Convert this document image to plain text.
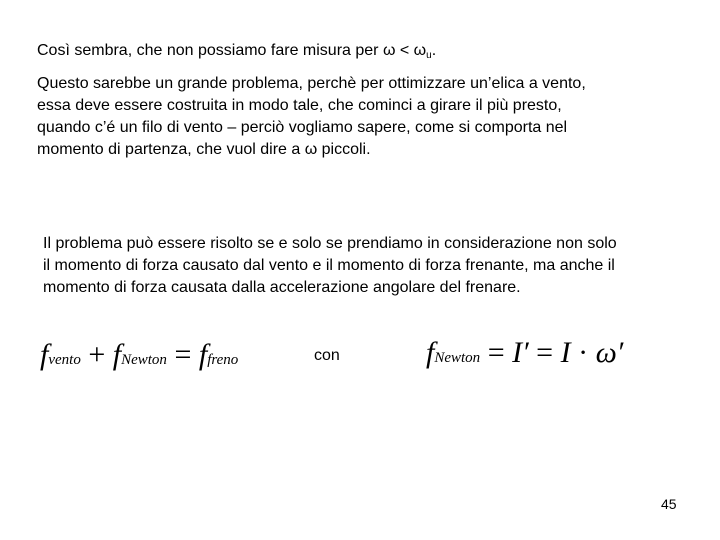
Così sembra, che non possiamo fare misura per $\omega < \omega_u$.
Questo sarebbe un grande problema, perchè per ottimizzare un’elica a vento,
essa deve essere costruita in modo tale, che cominci a girare il più presto,
quando c’é un filo di vento – perciò vogliamo sapere, come si comporta nel
momento di partenza, che vuol dire a ω piccoli.
Il problema può essere risolto se e solo se prendiamo in considerazione non solo
il momento di forza causato dal vento e il momento di forza frenante, ma anche il
momento di forza causata dalla accelerazione angolare del frenare.
fvento + fNewton = ffreno	con	fNewton = I′ = I · ω′
45
